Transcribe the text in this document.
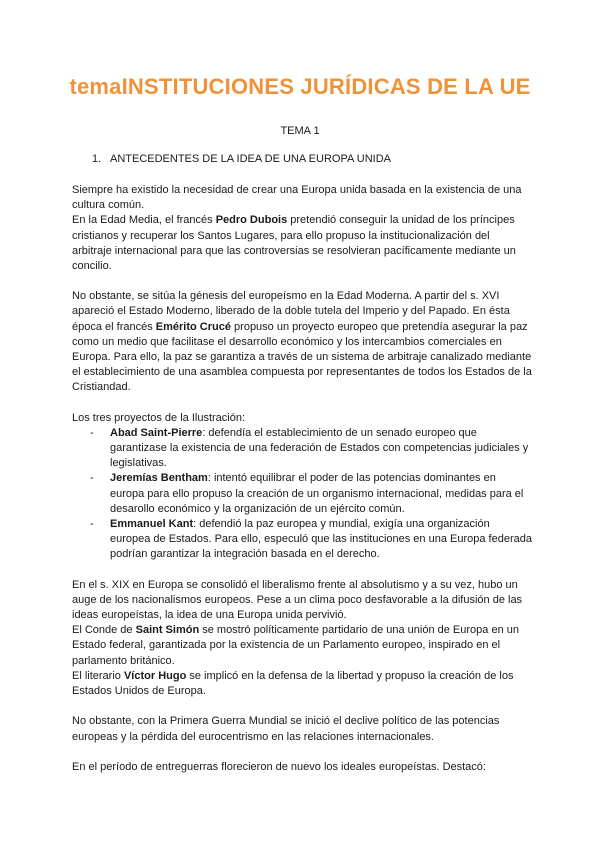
temaINSTITUCIONES JURÍDICAS DE LA UE
TEMA 1
1. ANTECEDENTES DE LA IDEA DE UNA EUROPA UNIDA

Siempre ha existido la necesidad de crear una Europa unida basada en la existencia de una cultura común.

En la Edad Media, el francés Pedro Dubois pretendió conseguir la unidad de los príncipes cristianos y recuperar los Santos Lugares, para ello propuso la institucionalización del arbitraje internacional para que las controversias se resolvieran pacíficamente mediante un concilio.

No obstante, se sitúa la génesis del europeísmo en la Edad Moderna. A partir del s. XVI apareció el Estado Moderno, liberado de la doble tutela del Imperio y del Papado. En ésta época el francés Emérito Crucé propuso un proyecto europeo que pretendía asegurar la paz como un medio que facilitase el desarrollo económico y los intercambios comerciales en Europa. Para ello, la paz se garantiza a través de un sistema de arbitraje canalizado mediante el establecimiento de una asamblea compuesta por representantes de todos los Estados de la Cristiandad.

Los tres proyectos de la Ilustración:

- Abad Saint-Pierre: defendía el establecimiento de un senado europeo que garantizase la existencia de una federación de Estados con competencias judiciales y legislativas.
- Jeremías Bentham: intentó equilibrar el poder de las potencias dominantes en europa para ello propuso la creación de un organismo internacional, medidas para el desarollo económico y la organización de un ejército común.
- Emmanuel Kant: defendió la paz europea y mundial, exigía una organización europea de Estados. Para ello, especuló que las instituciones en una Europa federada podrían garantizar la integración basada en el derecho.

En el s. XIX en Europa se consolidó el liberalismo frente al absolutismo y a su vez, hubo un auge de los nacionalismos europeos. Pese a un clima poco desfavorable a la difusión de las ideas europeístas, la idea de una Europa unida pervivió.

El Conde de Saint Simón se mostró políticamente partidario de una unión de Europa en un Estado federal, garantizada por la existencia de un Parlamento europeo, inspirado en el parlamento británico.

El literario Víctor Hugo se implicó en la defensa de la libertad y propuso la creación de los Estados Unidos de Europa.

No obstante, con la Primera Guerra Mundial se inició el declive político de las potencias europeas y la pérdida del eurocentrismo en las relaciones internacionales.

En el período de entreguerras florecieron de nuevo los ideales europeístas. Destacó:
